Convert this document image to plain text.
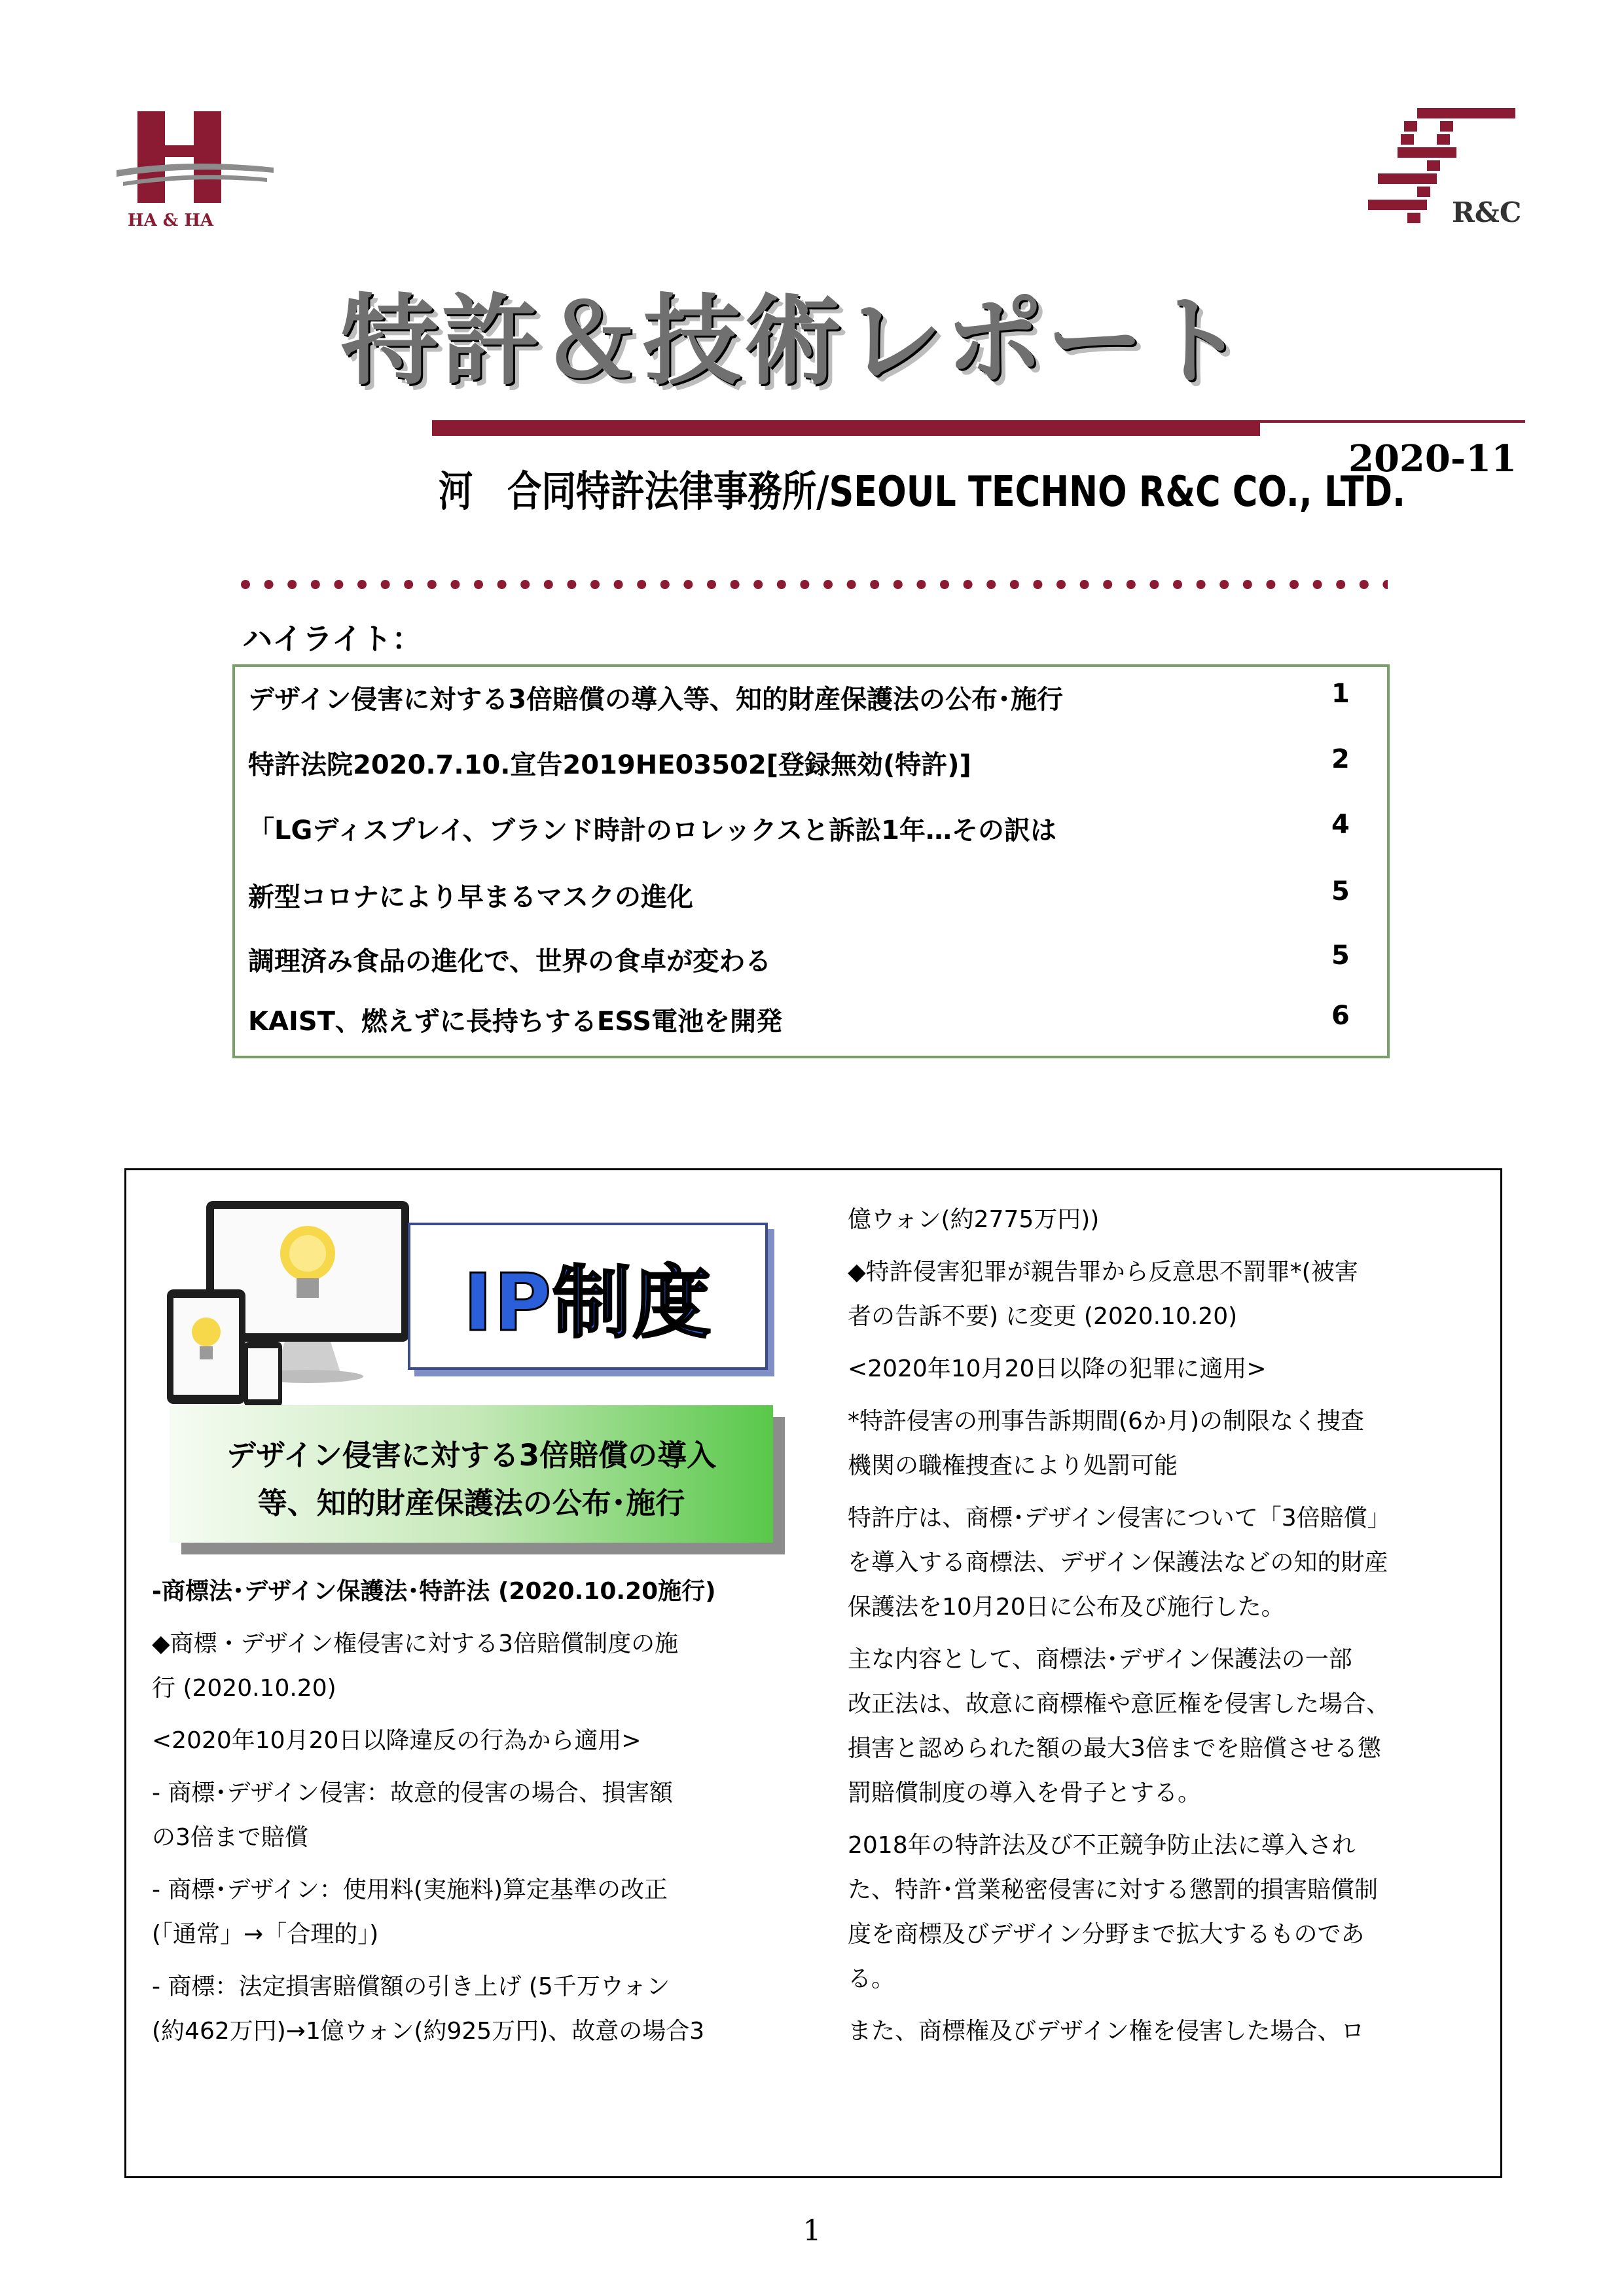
HA & HA	R&C
特許＆技術レポート
河　合同特許法律事務所/SEOUL TECHNO R&C CO., LTD.
2020-11
ハイライト：
デザイン侵害に対する3倍賠償の導入等、知的財産保護法の公布･施行	1
特許法院2020.7.10.宣告2019HE03502[登録無効(特許)]	2
「LGディスプレイ、ブランド時計のロレックスと訴訟1年…その訳は	4
新型コロナにより早まるマスクの進化	5
調理済み食品の進化で、世界の食卓が変わる	5
KAIST、燃えずに長持ちするESS電池を開発	6
IP制度
デザイン侵害に対する3倍賠償の導入
等、知的財産保護法の公布･施行

-商標法･デザイン保護法･特許法 (2020.10.20施行)

◆商標・デザイン権侵害に対する3倍賠償制度の施

行 (2020.10.20)

<2020年10月20日以降違反の行為から適用>

- 商標･デザイン侵害：故意的侵害の場合、損害額

の3倍まで賠償

- 商標･デザイン：使用料(実施料)算定基準の改正

(「通常」→「合理的」)

- 商標：法定損害賠償額の引き上げ (5千万ウォン

(約462万円)→1億ウォン(約925万円)、故意の場合3

億ウォン(約2775万円))

◆特許侵害犯罪が親告罪から反意思不罰罪*(被害

者の告訴不要) に変更 (2020.10.20)

<2020年10月20日以降の犯罪に適用>

*特許侵害の刑事告訴期間(6か月)の制限なく捜査

機関の職権捜査により処罰可能

特許庁は、商標･デザイン侵害について「3倍賠償」

を導入する商標法、デザイン保護法などの知的財産

保護法を10月20日に公布及び施行した。

主な内容として、商標法･デザイン保護法の一部

改正法は、故意に商標権や意匠権を侵害した場合、

損害と認められた額の最大3倍までを賠償させる懲

罰賠償制度の導入を骨子とする。

2018年の特許法及び不正競争防止法に導入され

た、特許･営業秘密侵害に対する懲罰的損害賠償制

度を商標及びデザイン分野まで拡大するものであ

る。

また、商標権及びデザイン権を侵害した場合、ロ

1
